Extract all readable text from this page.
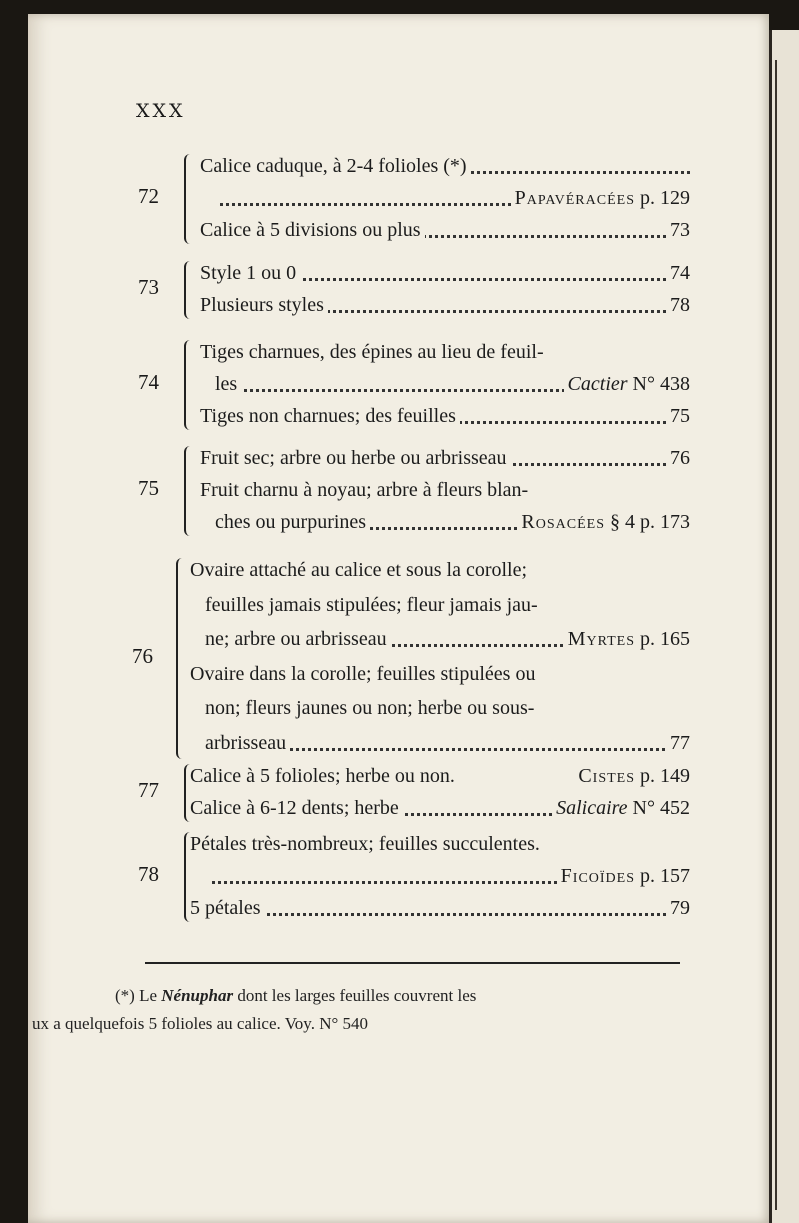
XXX
72
Calice caduque, à 2-4 folioles (*)
Papavéracées p. 129
Calice à 5 divisions ou plus	73
73
Style 1 ou 0	74
Plusieurs styles	78
74
Tiges charnues, des épines au lieu de feuil-
les	Cactier N° 438
Tiges non charnues; des feuilles	75
75
Fruit sec; arbre ou herbe ou arbrisseau	76
Fruit charnu à noyau; arbre à fleurs blan-
ches ou purpurines	Rosacées § 4 p. 173
76
Ovaire attaché au calice et sous la corolle;
feuilles jamais stipulées; fleur jamais jau-
ne; arbre ou arbrisseau	Myrtes p. 165
Ovaire dans la corolle; feuilles stipulées ou
non; fleurs jaunes ou non; herbe ou sous-
arbrisseau	77
77
Calice à 5 folioles; herbe ou non.	Cistes p. 149
Calice à 6-12 dents; herbe	Salicaire N° 452
78
Pétales très-nombreux; feuilles succulentes.
Ficoïdes p. 157
5 pétales	79
(*) Le Nénuphar dont les larges feuilles couvrent les
ux a quelquefois 5 folioles au calice. Voy. N° 540
